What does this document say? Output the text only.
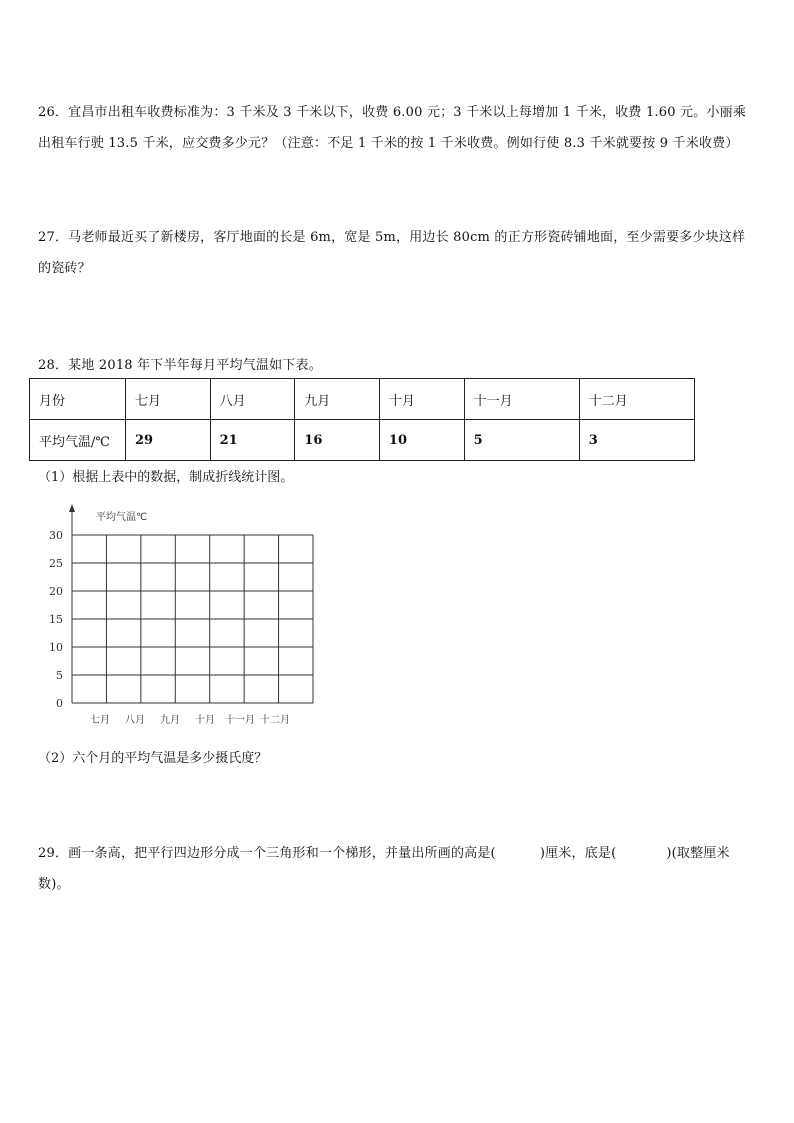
26．宜昌市出租车收费标准为：3 千米及 3 千米以下，收费 6.00 元；3 千米以上每增加 1 千米，收费 1.60 元。小丽乘出租车行驶 13.5 千米，应交费多少元？（注意：不足 1 千米的按 1 千米收费。例如行使 8.3 千米就要按 9 千米收费）
27．马老师最近买了新楼房，客厅地面的长是 6m，宽是 5m，用边长 80cm 的正方形瓷砖铺地面，至少需要多少块这样的瓷砖？
28．某地 2018 年下半年每月平均气温如下表。
月份	七月	八月	九月	十月	十一月	十二月
平均气温/℃	29	21	16	10	5	3
（1）根据上表中的数据，制成折线统计图。
平均气温℃
0
5
10
15
20
25
30
七月 八月 九月 十月 十一月 十二月
（2）六个月的平均气温是多少摄氏度？
29．画一条高，把平行四边形分成一个三角形和一个梯形，并量出所画的高是(	)厘米，底是(	)(取整厘米数)。
